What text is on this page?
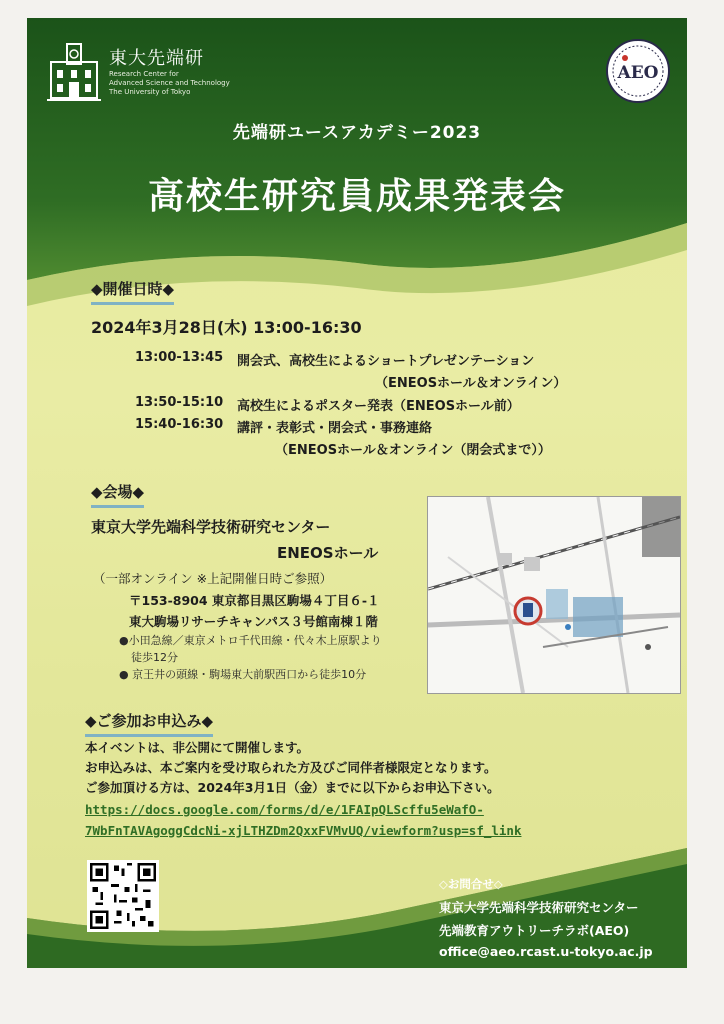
東大先端研
Research Center for
Advanced Science and Technology
The University of Tokyo
AEO
先端研ユースアカデミー2023
高校生研究員成果発表会
◆開催日時◆
2024年3月28日(木) 13:00-16:30
13:00-13:45 開会式、高校生によるショートプレゼンテーション
（ENEOSホール＆オンライン）
13:50-15:10 高校生によるポスター発表（ENEOSホール前）
15:40-16:30 講評・表彰式・閉会式・事務連絡
（ENEOSホール＆オンライン（閉会式まで））
◆会場◆
東京大学先端科学技術研究センター
ENEOSホール
（一部オンライン ※上記開催日時ご参照）
〒153-8904 東京都目黒区駒場４丁目６-１
東大駒場リサーチキャンパス３号館南棟１階
●小田急線／東京メトロ千代田線・代々木上原駅より
徒歩12分
● 京王井の頭線・駒場東大前駅西口から徒歩10分
◆ご参加お申込み◆
本イベントは、非公開にて開催します。
お申込みは、本ご案内を受け取られた方及びご同伴者様限定となります。
ご参加頂ける方は、2024年3月1日（金）までに以下からお申込下さい。
https://docs.google.com/forms/d/e/1FAIpQLScffu5eWafO-
7WbFnTAVAgoggCdcNi-xjLTHZDm2QxxFVMvUQ/viewform?usp=sf_link
◇お問合せ◇
東京大学先端科学技術研究センター
先端教育アウトリーチラボ(AEO)
office@aeo.rcast.u-tokyo.ac.jp
